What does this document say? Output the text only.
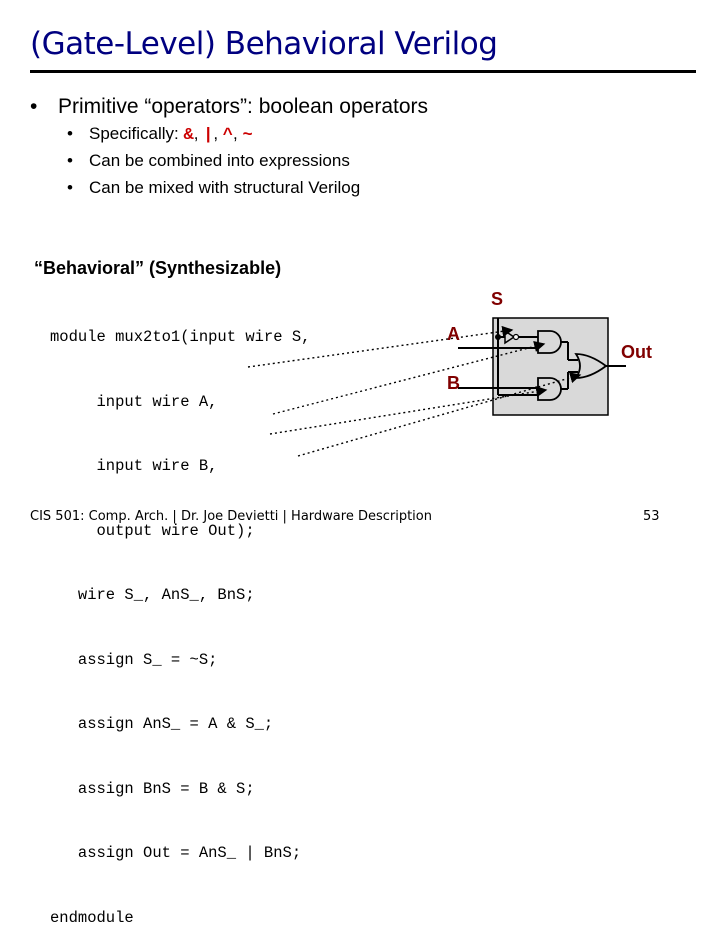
(Gate-Level) Behavioral Verilog
• Primitive “operators”: boolean operators
• Specifically: &, |, ^, ~
• Can be combined into expressions
• Can be mixed with structural Verilog
“Behavioral” (Synthesizable)

module mux2to1(input wire S,

input wire A,

input wire B,

output wire Out);

wire S_, AnS_, BnS;

assign S_ = ~S;

assign AnS_ = A & S_;

assign BnS = B & S;

assign Out = AnS_ | BnS;

endmodule

S
A
B
Out
CIS 501: Comp. Arch. | Dr. Joe Devietti | Hardware Description	53
